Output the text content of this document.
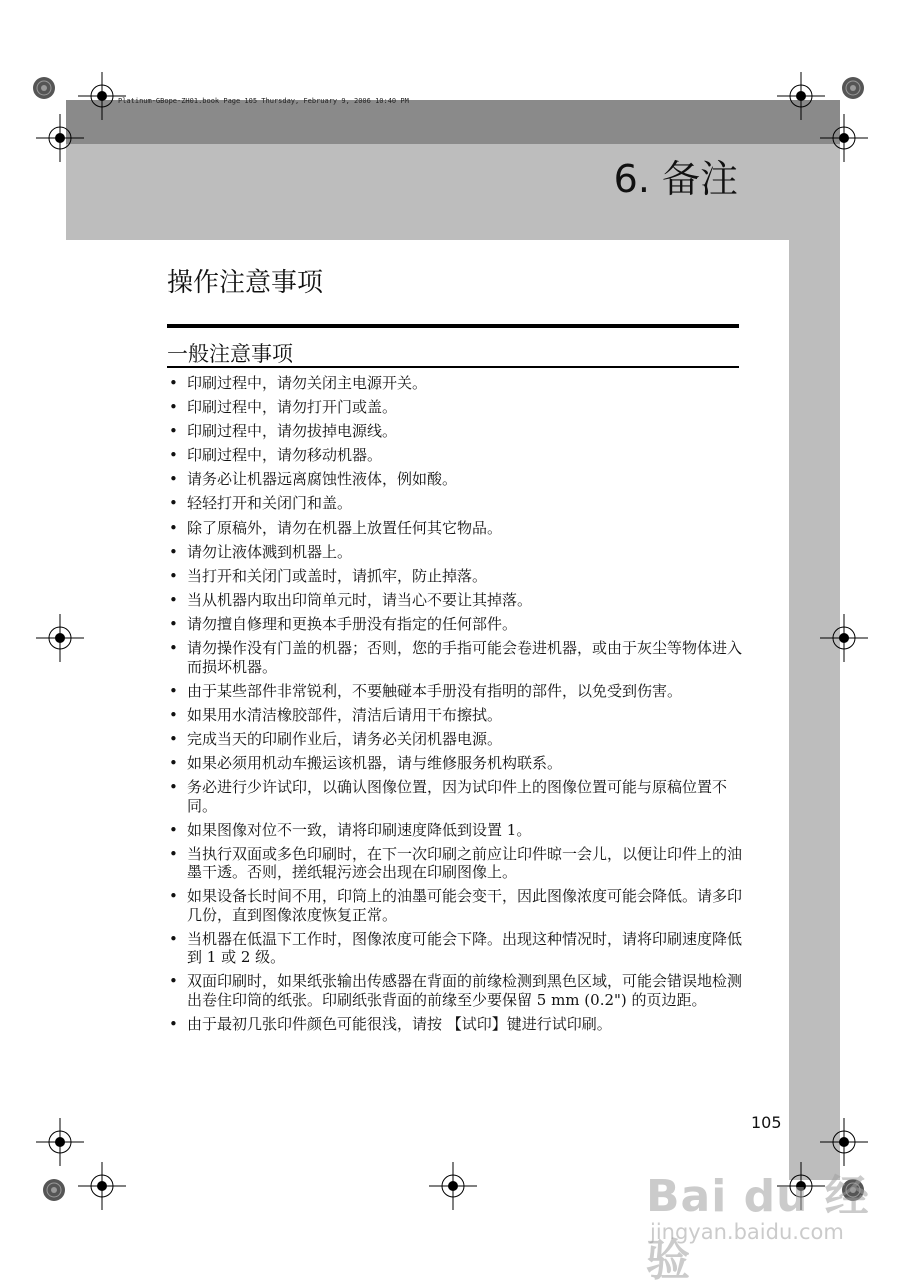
Platinum-GBope-ZH01.book Page 105 Thursday, February 9, 2006 10:40 PM
6. 备注
操作注意事项
一般注意事项
• 印刷过程中，请勿关闭主电源开关。
• 印刷过程中，请勿打开门或盖。
• 印刷过程中，请勿拔掉电源线。
• 印刷过程中，请勿移动机器。
• 请务必让机器远离腐蚀性液体，例如酸。
• 轻轻打开和关闭门和盖。
• 除了原稿外，请勿在机器上放置任何其它物品。
• 请勿让液体溅到机器上。
• 当打开和关闭门或盖时，请抓牢，防止掉落。
• 当从机器内取出印筒单元时，请当心不要让其掉落。
• 请勿擅自修理和更换本手册没有指定的任何部件。
• 请勿操作没有门盖的机器；否则，您的手指可能会卷进机器，或由于灰尘等物体进入而损坏机器。
• 由于某些部件非常锐利，不要触碰本手册没有指明的部件，以免受到伤害。
• 如果用水清洁橡胶部件，清洁后请用干布擦拭。
• 完成当天的印刷作业后，请务必关闭机器电源。
• 如果必须用机动车搬运该机器，请与维修服务机构联系。
• 务必进行少许试印，以确认图像位置，因为试印件上的图像位置可能与原稿位置不同。
• 如果图像对位不一致，请将印刷速度降低到设置 1。
• 当执行双面或多色印刷时，在下一次印刷之前应让印件晾一会儿，以便让印件上的油墨干透。否则，搓纸辊污迹会出现在印刷图像上。
• 如果设备长时间不用，印筒上的油墨可能会变干，因此图像浓度可能会降低。请多印几份，直到图像浓度恢复正常。
• 当机器在低温下工作时，图像浓度可能会下降。出现这种情况时，请将印刷速度降低到 1 或 2 级。
• 双面印刷时，如果纸张输出传感器在背面的前缘检测到黑色区域，可能会错误地检测出卷住印筒的纸张。印刷纸张背面的前缘至少要保留 5 mm (0.2") 的页边距。
• 由于最初几张印件颜色可能很浅，请按 【试印】键进行试印刷。
105
Bai du 经验
jingyan.baidu.com
